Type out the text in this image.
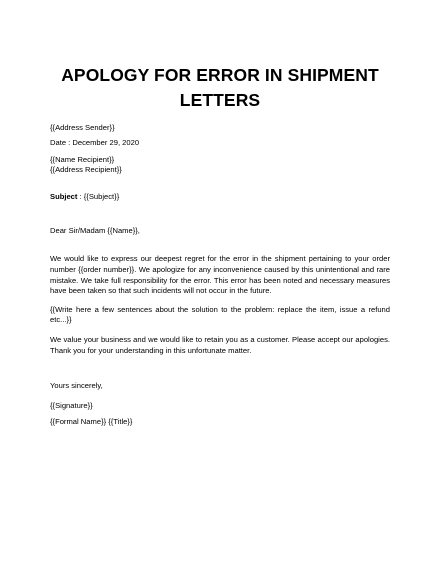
APOLOGY FOR ERROR IN SHIPMENT
LETTERS
{{Address Sender}}
Date : December 29, 2020
{{Name Recipient}}
{{Address Recipient}}
Subject : {{Subject}}
Dear Sir/Madam {{Name}},

We would like to express our deepest regret for the error in the shipment pertaining to your order number {{order number}}. We apologize for any inconvenience caused by this unintentional and rare mistake. We take full responsibility for the error. This error has been noted and necessary measures have been taken so that such incidents will not occur in the future.

{{Write here a few sentences about the solution to the problem: replace the item, issue a refund etc...}}

We value your business and we would like to retain you as a customer. Please accept our apologies. Thank you for your understanding in this unfortunate matter.

Yours sincerely,
{{Signature}}
{{Formal Name}} {{Title}}
